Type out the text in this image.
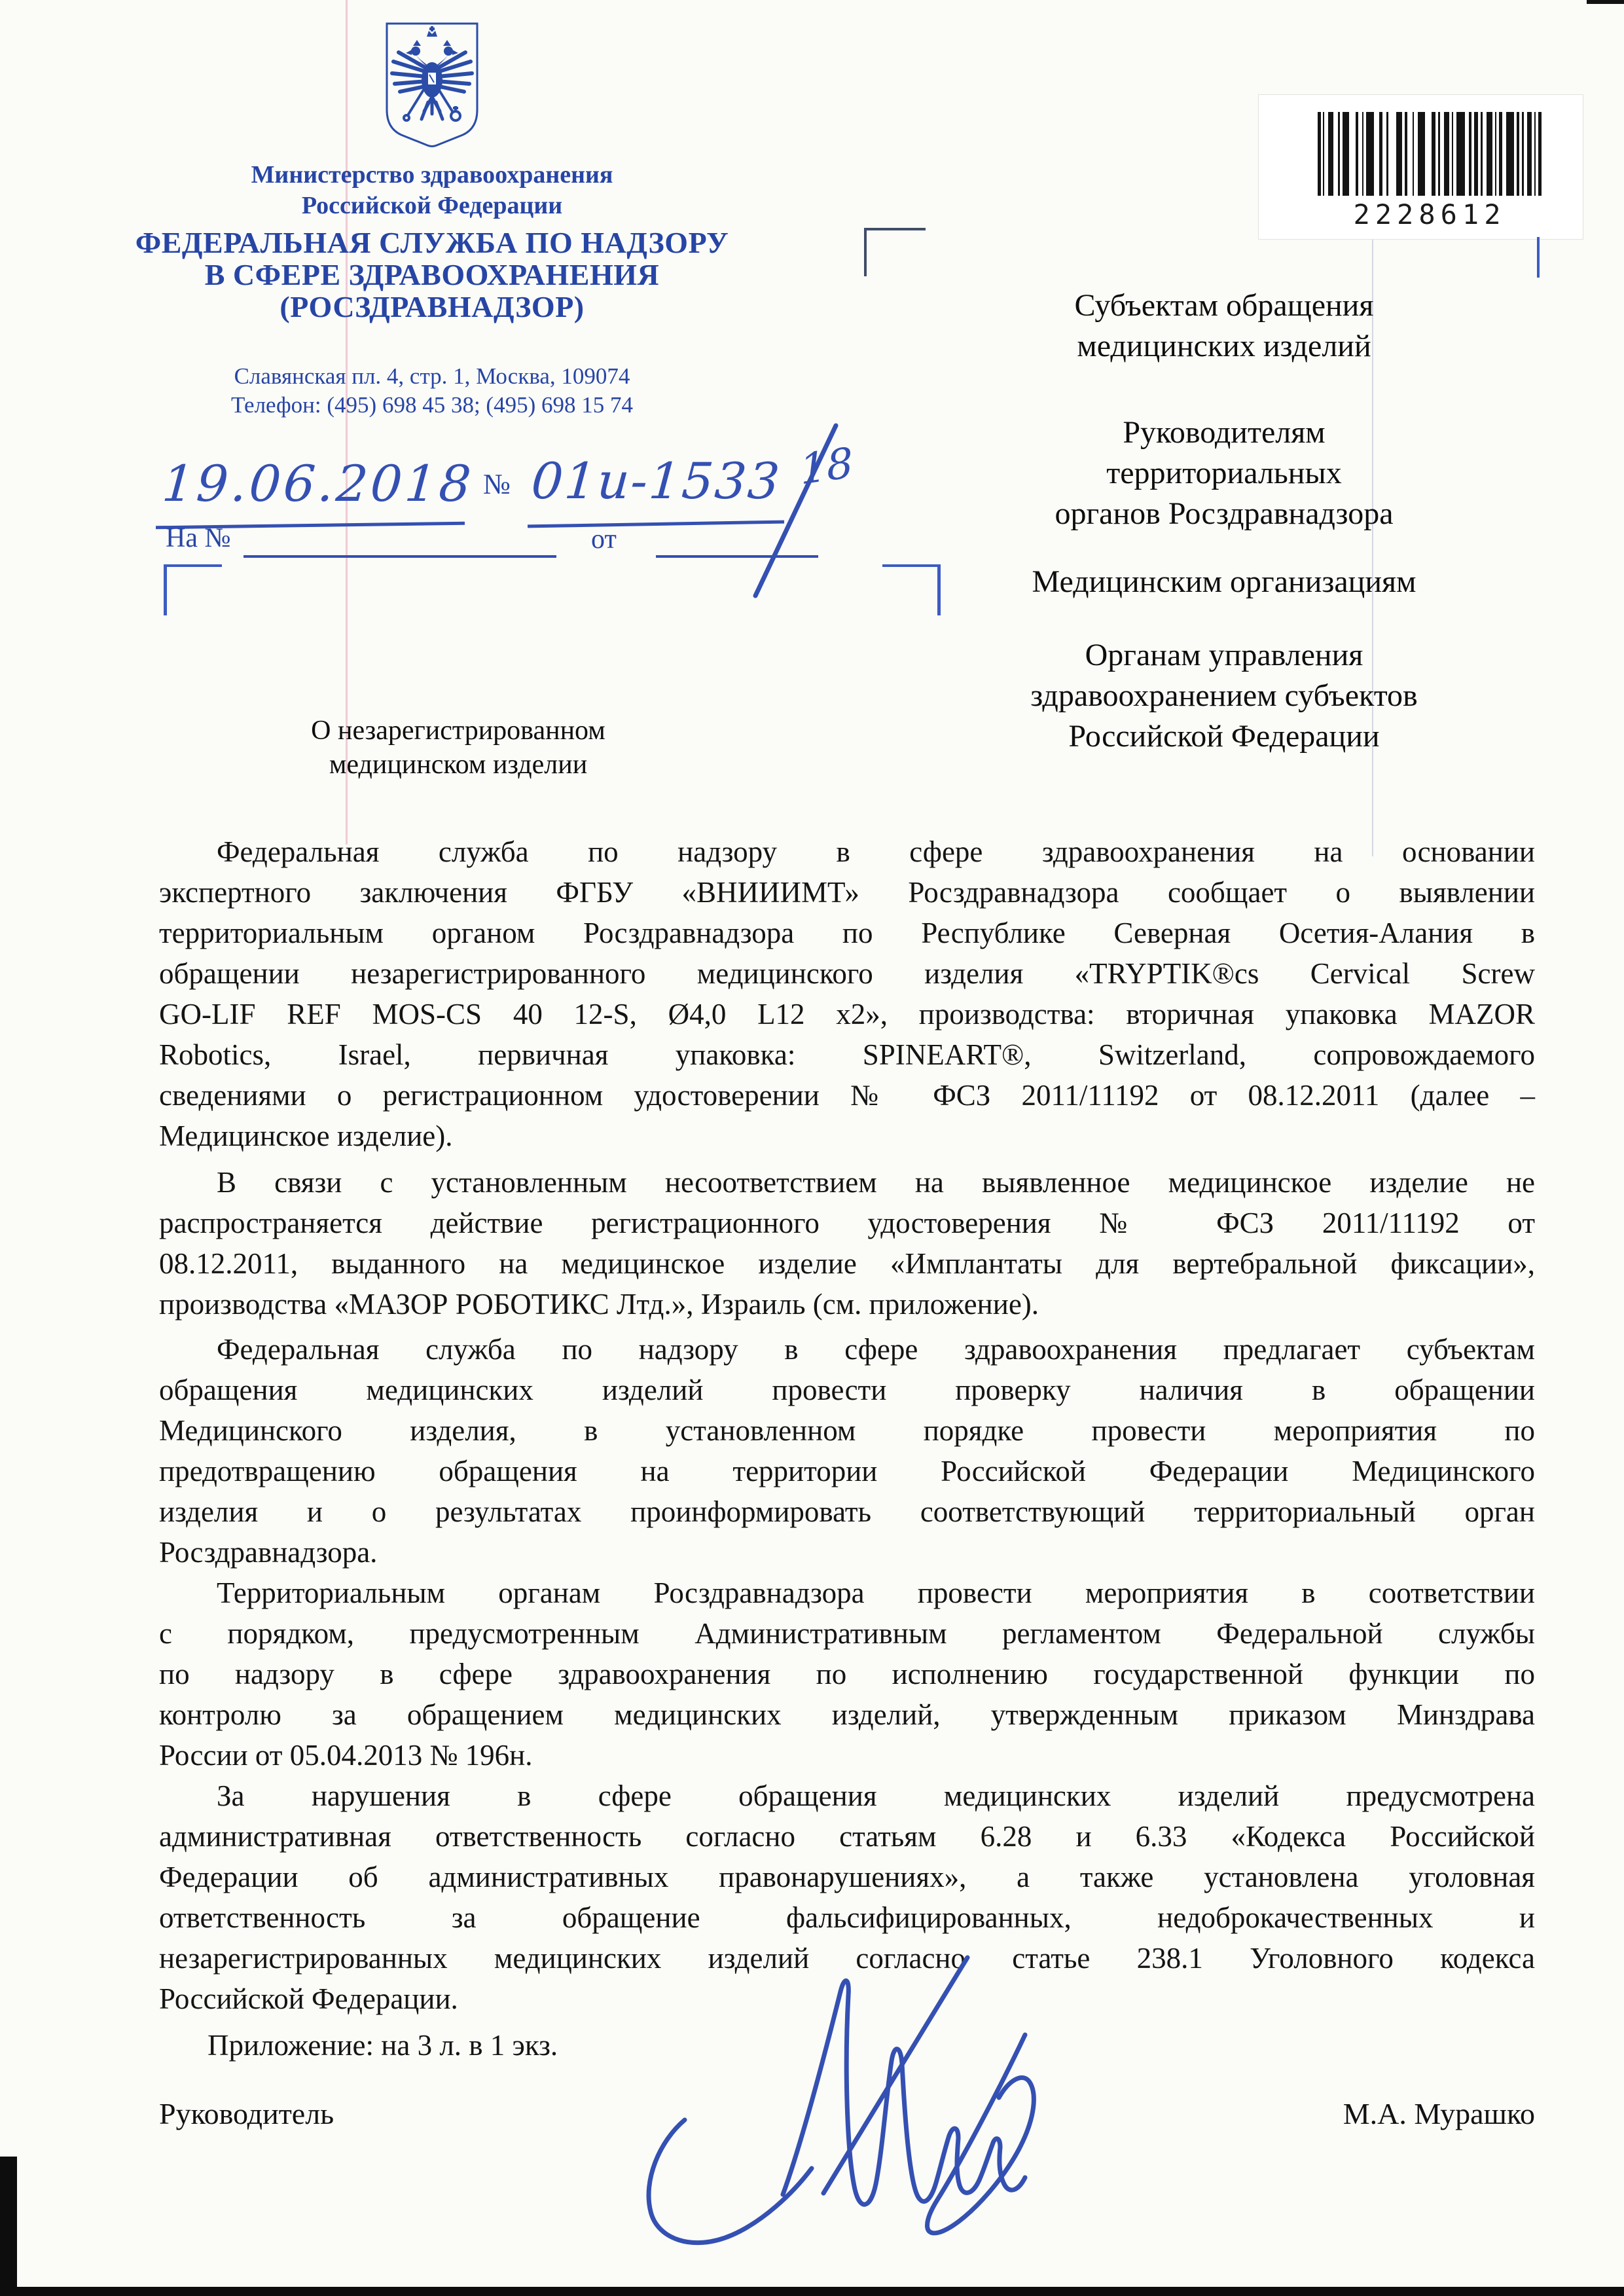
Министерство здравоохранения
Российской Федерации
ФЕДЕРАЛЬНАЯ СЛУЖБА ПО НАДЗОРУ
В СФЕРЕ ЗДРАВООХРАНЕНИЯ
(РОСЗДРАВНАДЗОР)
Славянская пл. 4, стр. 1, Москва, 109074
Телефон: (495) 698 45 38; (495) 698 15 74
2228612
19.06.2018 № 01и-1533 18
На №	от
Субъектам обращения
медицинских изделий
Руководителям
территориальных
органов Росздравнадзора
Медицинским организациям
Органам управления
здравоохранением субъектов
Российской Федерации
О незарегистрированном
медицинском изделии
Федеральная служба по надзору в сфере здравоохранения на основании
экспертного заключения ФГБУ «ВНИИИМТ» Росздравнадзора сообщает о выявлении
территориальным органом Росздравнадзора по Республике Северная Осетия-Алания в
обращении незарегистрированного медицинского изделия «TRYPTIK®cs Cervical Screw
GO-LIF REF MOS-CS 40 12-S, Ø4,0 L12 x2», производства: вторичная упаковка MAZOR
Robotics, Israel, первичная упаковка: SPINEART®, Switzerland, сопровождаемого
сведениями о регистрационном удостоверении № ФСЗ 2011/11192 от 08.12.2011 (далее –
Медицинское изделие).
В связи с установленным несоответствием на выявленное медицинское изделие не
распространяется действие регистрационного удостоверения № ФСЗ 2011/11192 от
08.12.2011, выданного на медицинское изделие «Имплантаты для вертебральной фиксации»,
производства «МАЗОР РОБОТИКС Лтд.», Израиль (см. приложение).
Федеральная служба по надзору в сфере здравоохранения предлагает субъектам
обращения медицинских изделий провести проверку наличия в обращении
Медицинского изделия, в установленном порядке провести мероприятия по
предотвращению обращения на территории Российской Федерации Медицинского
изделия и о результатах проинформировать соответствующий территориальный орган
Росздравнадзора.
Территориальным органам Росздравнадзора провести мероприятия в соответствии
с порядком, предусмотренным Административным регламентом Федеральной службы
по надзору в сфере здравоохранения по исполнению государственной функции по
контролю за обращением медицинских изделий, утвержденным приказом Минздрава
России от 05.04.2013 № 196н.
За нарушения в сфере обращения медицинских изделий предусмотрена
административная ответственность согласно статьям 6.28 и 6.33 «Кодекса Российской
Федерации об административных правонарушениях», а также установлена уголовная
ответственность за обращение фальсифицированных, недоброкачественных и
незарегистрированных медицинских изделий согласно статье 238.1 Уголовного кодекса
Российской Федерации.
Приложение: на 3 л. в 1 экз.
Руководитель	М.А. Мурашко
